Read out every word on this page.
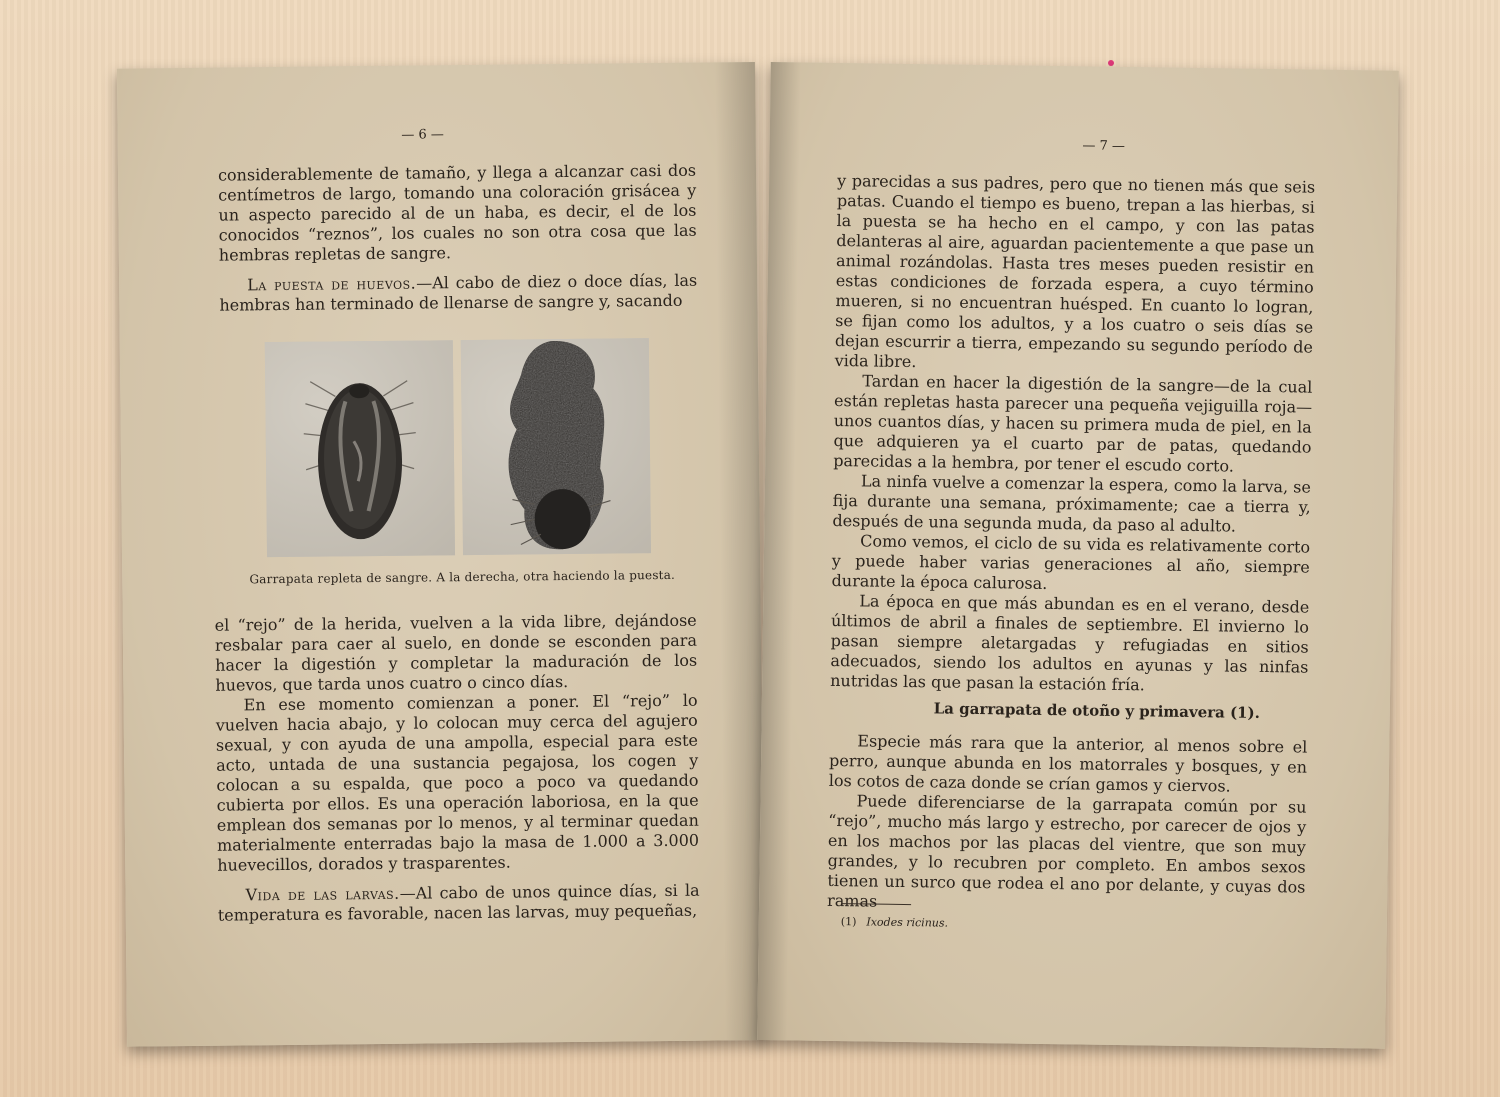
— 6 —

considerablemente de tamaño, y llega a alcanzar casi dos centímetros de largo, tomando una coloración grisácea y un aspecto parecido al de un haba, es decir, el de los conocidos “reznos”, los cuales no son otra cosa que las hembras repletas de sangre.

La puesta de huevos.—Al cabo de diez o doce días, las hembras han terminado de llenarse de sangre y, sacando

Garrapata repleta de sangre. A la derecha, otra haciendo la puesta.

el “rejo” de la herida, vuelven a la vida libre, dejándose resbalar para caer al suelo, en donde se esconden para hacer la digestión y completar la maduración de los huevos, que tarda unos cuatro o cinco días.

En ese momento comienzan a poner. El “rejo” lo vuelven hacia abajo, y lo colocan muy cerca del agujero sexual, y con ayuda de una ampolla, especial para este acto, untada de una sustancia pegajosa, los cogen y colocan a su espalda, que poco a poco va quedando cubierta por ellos. Es una operación laboriosa, en la que emplean dos semanas por lo menos, y al terminar quedan materialmente enterradas bajo la masa de 1.000 a 3.000 huevecillos, dorados y trasparentes.

Vida de las larvas.—Al cabo de unos quince días, si la temperatura es favorable, nacen las larvas, muy pequeñas,

— 7 —

y parecidas a sus padres, pero que no tienen más que seis patas. Cuando el tiempo es bueno, trepan a las hierbas, si la puesta se ha hecho en el campo, y con las patas delanteras al aire, aguardan pacientemente a que pase un animal rozándolas. Hasta tres meses pueden resistir en estas condiciones de forzada espera, a cuyo término mueren, si no encuentran huésped. En cuanto lo logran, se fijan como los adultos, y a los cuatro o seis días se dejan escurrir a tierra, empezando su segundo período de vida libre.

Tardan en hacer la digestión de la sangre—de la cual están repletas hasta parecer una pequeña vejiguilla roja—unos cuantos días, y hacen su primera muda de piel, en la que adquieren ya el cuarto par de patas, quedando parecidas a la hembra, por tener el escudo corto.

La ninfa vuelve a comenzar la espera, como la larva, se fija durante una semana, próximamente; cae a tierra y, después de una segunda muda, da paso al adulto.

Como vemos, el ciclo de su vida es relativamente corto y puede haber varias generaciones al año, siempre durante la época calurosa.

La época en que más abundan es en el verano, desde últimos de abril a finales de septiembre. El invierno lo pasan siempre aletargadas y refugiadas en sitios adecuados, siendo los adultos en ayunas y las ninfas nutridas las que pasan la estación fría.

La garrapata de otoño y primavera (1).

Especie más rara que la anterior, al menos sobre el perro, aunque abunda en los matorrales y bosques, y en los cotos de caza donde se crían gamos y ciervos.

Puede diferenciarse de la garrapata común por su “rejo”, mucho más largo y estrecho, por carecer de ojos y en los machos por las placas del vientre, que son muy grandes, y lo recubren por completo. En ambos sexos tienen un surco que rodea el ano por delante, y cuyas dos ramas

(1) Ixodes ricinus.
